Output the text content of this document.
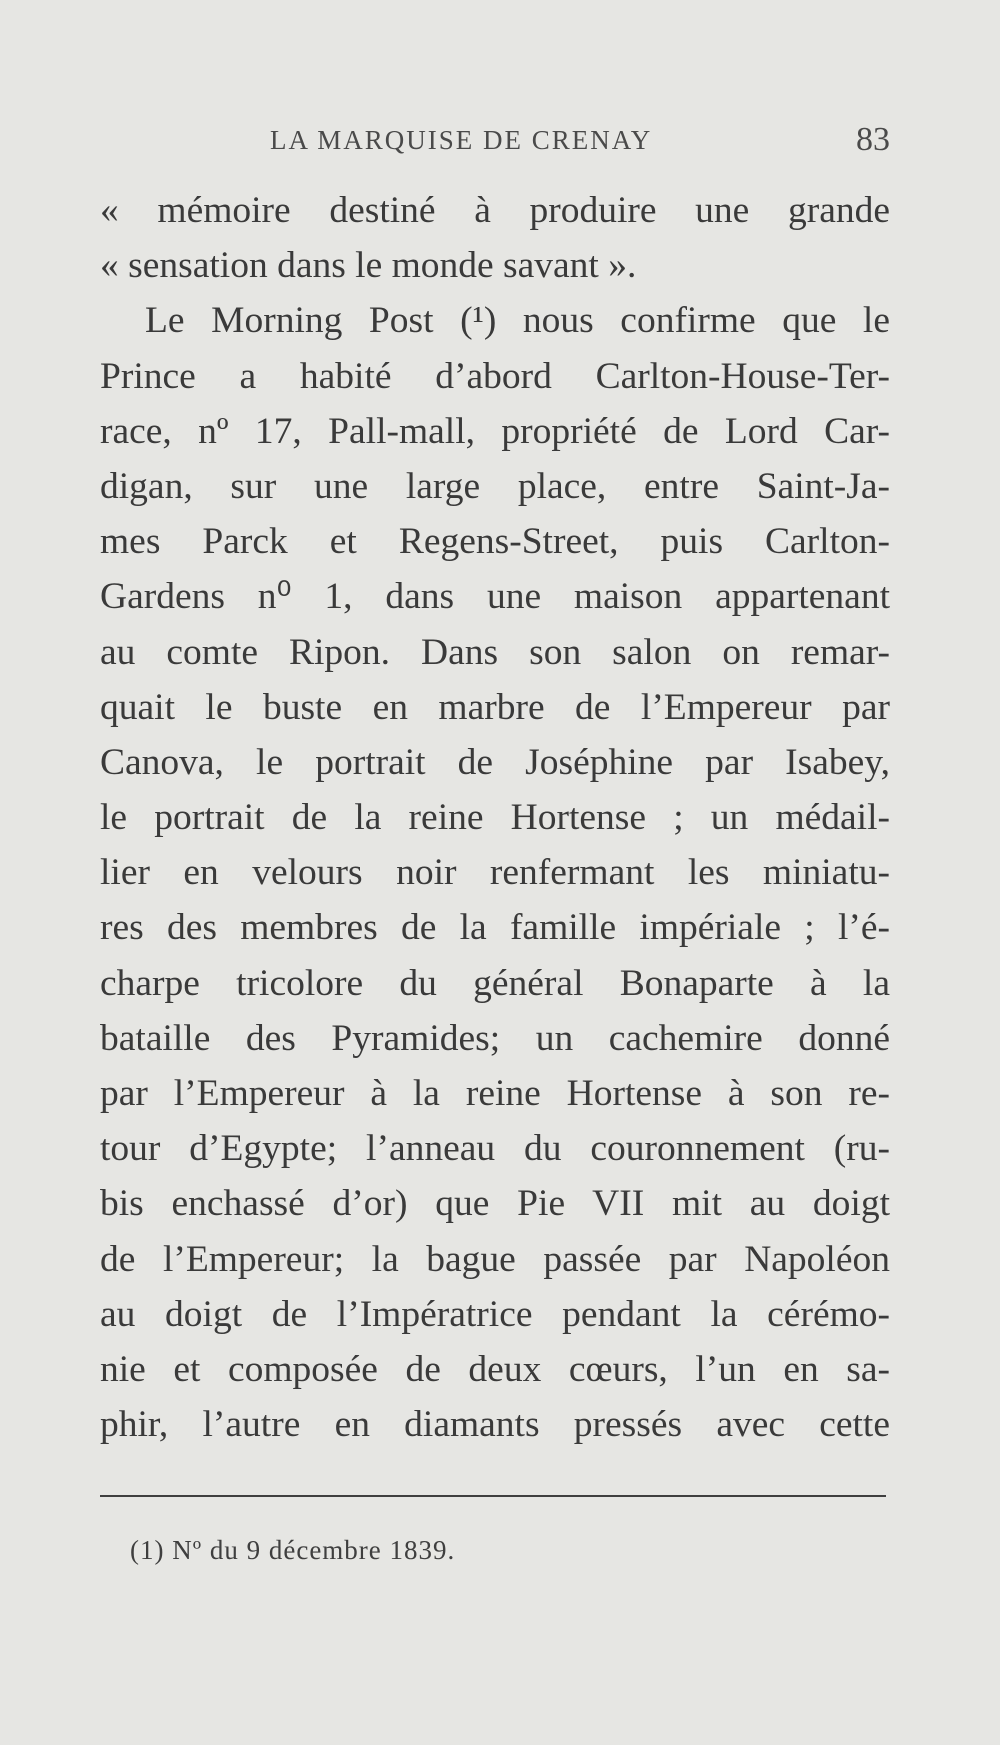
LA MARQUISE DE CRENAY	83
« mémoire destiné à produire une grande
« sensation dans le monde savant ».
Le Morning Post (¹) nous confirme que le
Prince a habité d’abord Carlton-House-Ter-
race, nº 17, Pall-mall, propriété de Lord Car-
digan, sur une large place, entre Saint-Ja-
mes Parck et Regens-Street, puis Carlton-
Gardens n⁰ 1, dans une maison appartenant
au comte Ripon. Dans son salon on remar-
quait le buste en marbre de l’Empereur par
Canova, le portrait de Joséphine par Isabey,
le portrait de la reine Hortense ; un médail-
lier en velours noir renfermant les miniatu-
res des membres de la famille impériale ; l’é-
charpe tricolore du général Bonaparte à la
bataille des Pyramides; un cachemire donné
par l’Empereur à la reine Hortense à son re-
tour d’Egypte; l’anneau du couronnement (ru-
bis enchassé d’or) que Pie VII mit au doigt
de l’Empereur; la bague passée par Napoléon
au doigt de l’Impératrice pendant la cérémo-
nie et composée de deux cœurs, l’un en sa-
phir, l’autre en diamants pressés avec cette
(1) Nº du 9 décembre 1839.
